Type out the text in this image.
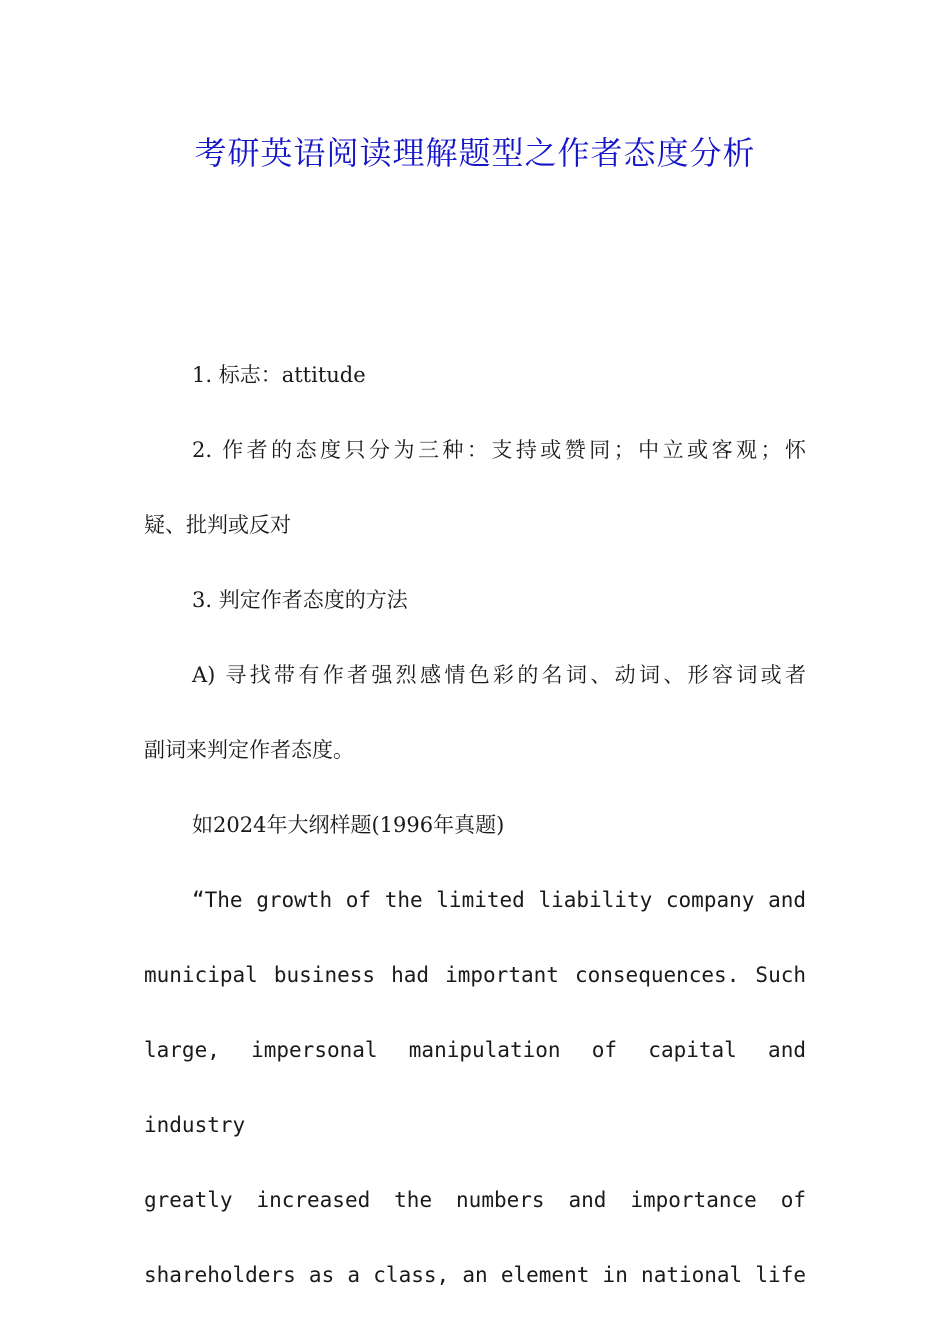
考研英语阅读理解题型之作者态度分析

1. 标志：attitude

2. 作者的态度只分为三种：支持或赞同；中立或客观；怀

疑、批判或反对

3. 判定作者态度的方法

A) 寻找带有作者强烈感情色彩的名词、动词、形容词或者

副词来判定作者态度。

如2024年大纲样题(1996年真题)

“The growth of the limited liability company and

municipal business had important consequences. Such

large, impersonal manipulation of capital and industry

greatly increased the numbers and importance of

shareholders as a class, an element in national life
